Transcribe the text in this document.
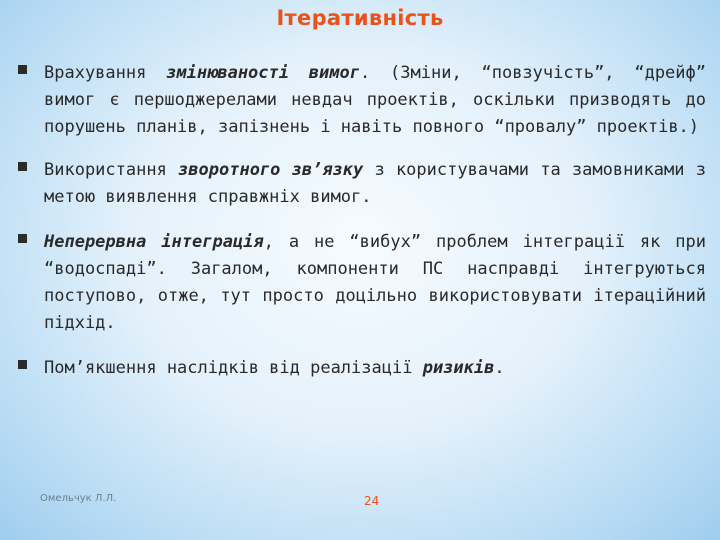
Ітеративність
Врахування змінюваності вимог. (Зміни, “повзучість”, “дрейф” вимог є першоджерелами невдач проектів, оскільки призводять до порушень планів, запізнень і навіть повного “провалу” проектів.)
Використання зворотного зв’язку з користувачами та замовниками з метою виявлення справжніх вимог.
Неперервна інтеграція, а не “вибух” проблем інтеграції як при “водоспаді”. Загалом, компоненти ПС насправді інтегруються поступово, отже, тут просто доцільно використовувати ітераційний підхід.
Пом’якшення наслідків від реалізації ризиків.
Омельчук Л.Л.	24
